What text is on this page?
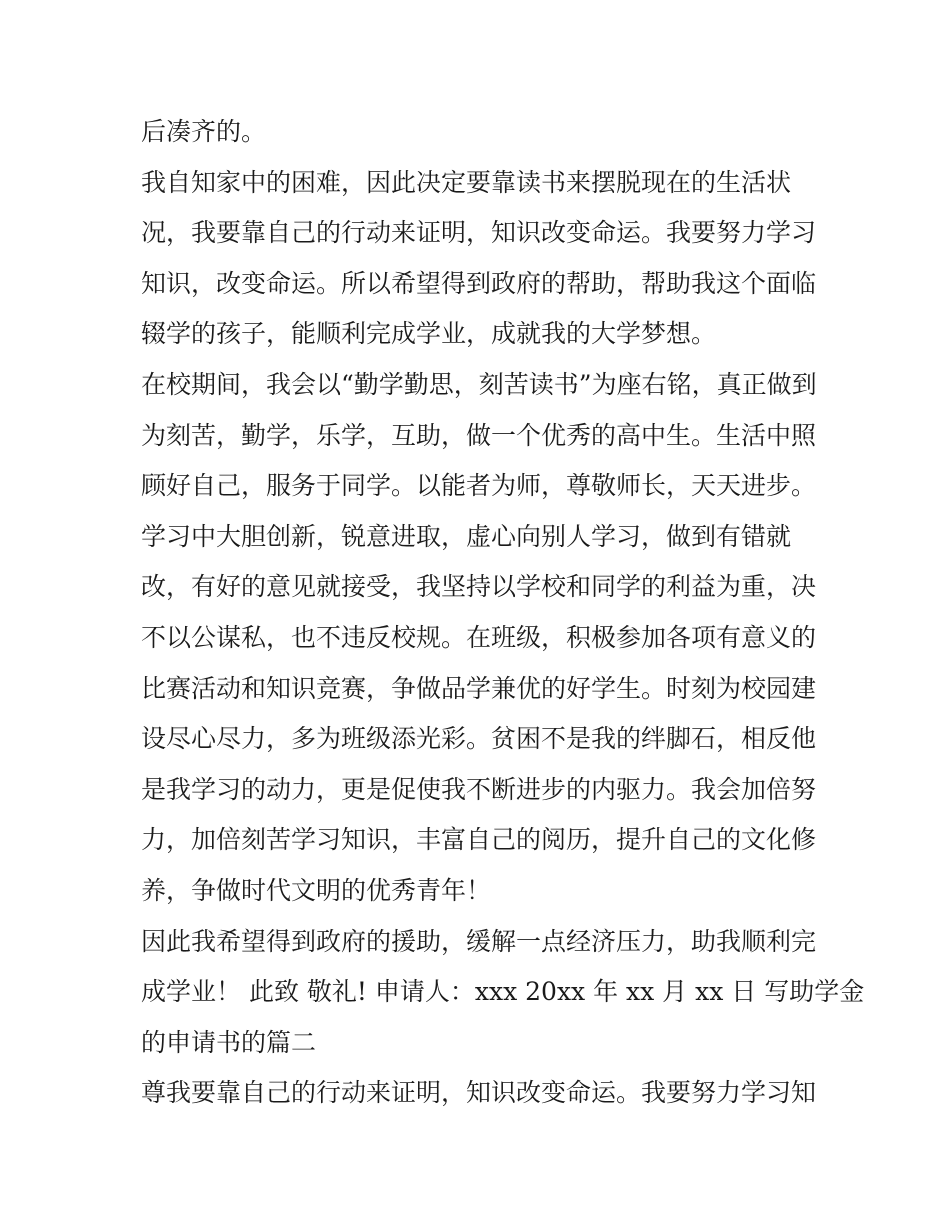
后凑齐的。
我自知家中的困难，因此决定要靠读书来摆脱现在的生活状
况，我要靠自己的行动来证明，知识改变命运。我要努力学习
知识，改变命运。所以希望得到政府的帮助，帮助我这个面临
辍学的孩子，能顺利完成学业，成就我的大学梦想。
在校期间，我会以“勤学勤思，刻苦读书”为座右铭，真正做到
为刻苦，勤学，乐学，互助，做一个优秀的高中生。生活中照
顾好自己，服务于同学。以能者为师，尊敬师长，天天进步。
学习中大胆创新，锐意进取，虚心向别人学习，做到有错就
改，有好的意见就接受，我坚持以学校和同学的利益为重，决
不以公谋私，也不违反校规。在班级，积极参加各项有意义的
比赛活动和知识竞赛，争做品学兼优的好学生。时刻为校园建
设尽心尽力，多为班级添光彩。贫困不是我的绊脚石，相反他
是我学习的动力，更是促使我不断进步的内驱力。我会加倍努
力，加倍刻苦学习知识，丰富自己的阅历，提升自己的文化修
养，争做时代文明的优秀青年！
因此我希望得到政府的援助，缓解一点经济压力，助我顺利完
成学业！ 此致 敬礼! 申请人：xxx 20xx 年 xx 月 xx 日 写助学金
的申请书的篇二
尊我要靠自己的行动来证明，知识改变命运。我要努力学习知
